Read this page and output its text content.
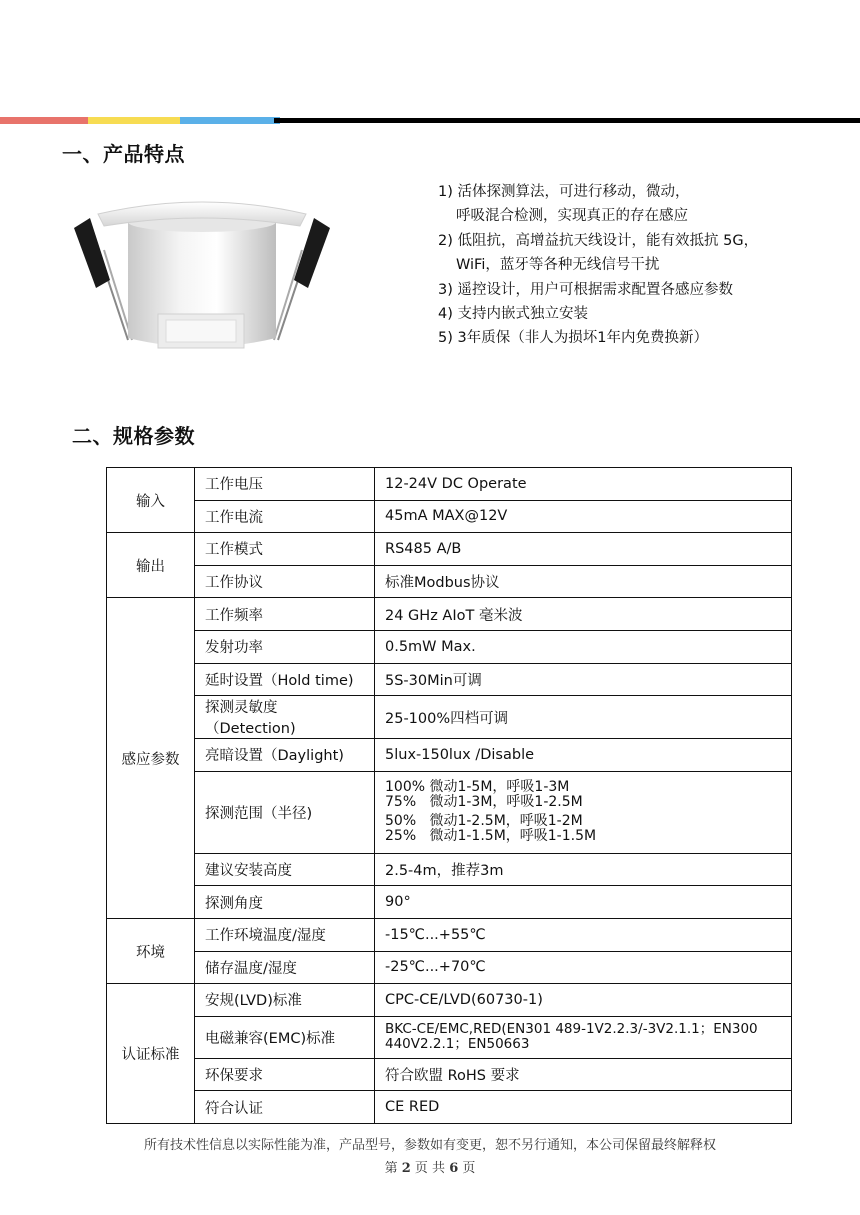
一、产品特点
1) 活体探测算法，可进行移动，微动，
呼吸混合检测，实现真正的存在感应
2) 低阻抗，高增益抗天线设计，能有效抵抗 5G，
WiFi，蓝牙等各种无线信号干扰
3) 遥控设计，用户可根据需求配置各感应参数
4) 支持内嵌式独立安装
5) 3年质保（非人为损坏1年内免费换新）
二、规格参数
输入	工作电压	12-24V DC Operate
	工作电流	45mA MAX@12V
输出	工作模式	RS485 A/B
	工作协议	标准Modbus协议
感应参数	工作频率	24 GHz AIoT 毫米波
	发射功率	0.5mW Max.
	延时设置（Hold time)	5S-30Min可调
	探测灵敏度（Detection)	25-100%四档可调
	亮暗设置（Daylight)	5lux-150lux /Disable
	探测范围（半径)	100% 微动1-5M，呼吸1-3M
75%   微动1-3M，呼吸1-2.5M
50%   微动1-2.5M，呼吸1-2M
25%   微动1-1.5M，呼吸1-1.5M

	建议安装高度	2.5-4m，推荐3m
	探测角度	90°
环境	工作环境温度/湿度	-15℃...+55℃
	储存温度/湿度	-25℃...+70℃
认证标准	安规(LVD)标准	CPC-CE/LVD(60730-1)
	电磁兼容(EMC)标准	BKC-CE/EMC,RED(EN301 489-1V2.2.3/-3V2.1.1；EN300
440V2.2.1；EN50663

	环保要求	符合欧盟 RoHS 要求
	符合认证	CE RED
所有技术性信息以实际性能为准，产品型号，参数如有变更，恕不另行通知，本公司保留最终解释权
第 2 页 共 6 页
